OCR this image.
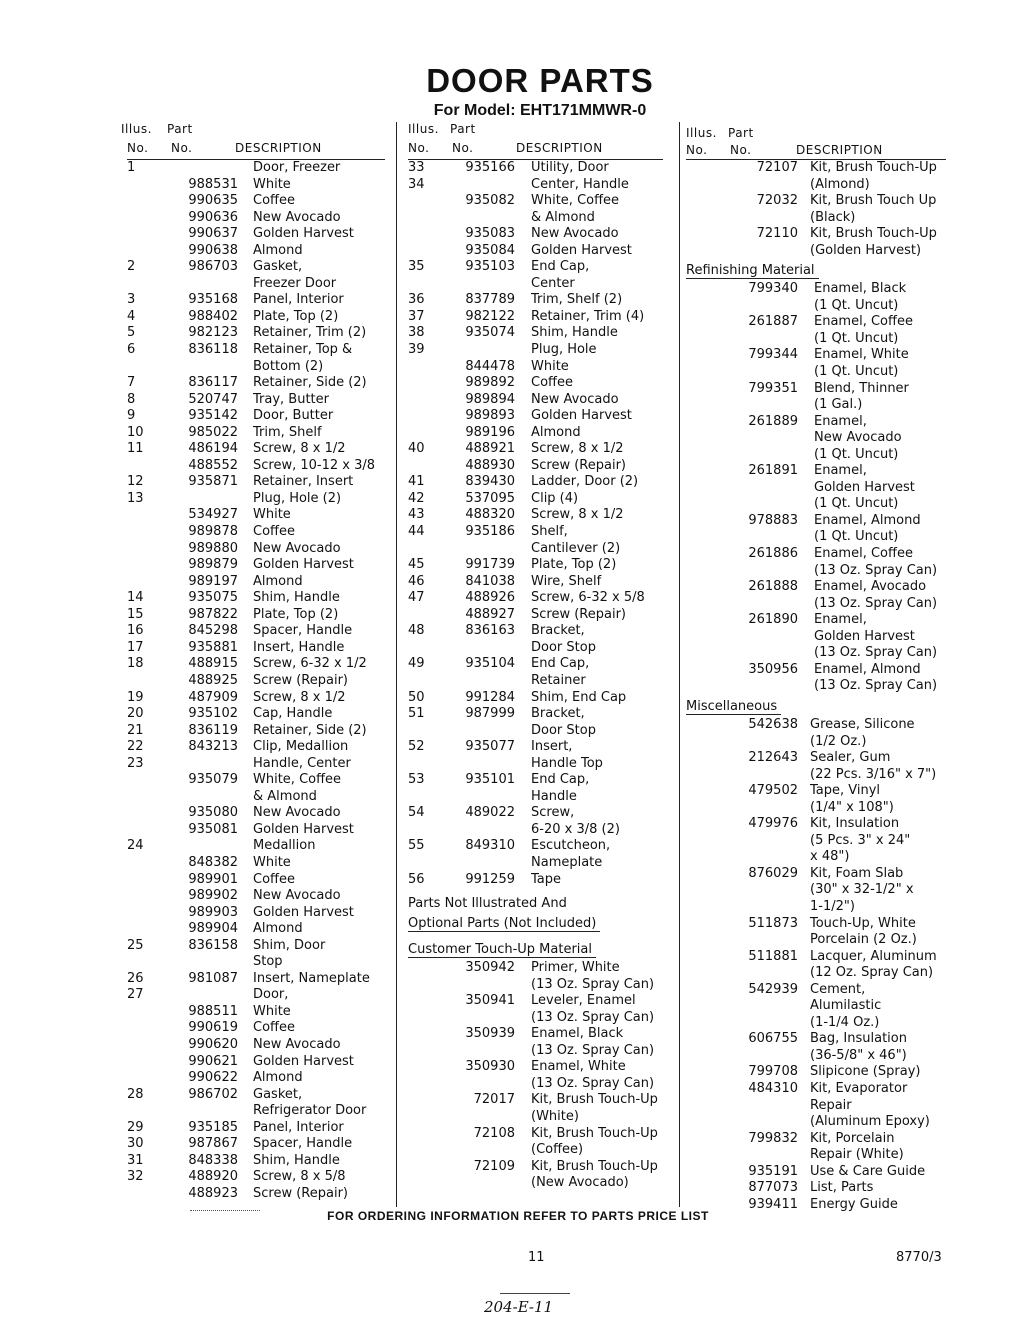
DOOR PARTS
For Model: EHT171MMWR-0
Illus. Part
No. No.	DESCRIPTION
1	Door, Freezer
988531 White
990635 Coffee
990636 New Avocado
990637 Golden Harvest
990638 Almond
2	986703 Gasket,
Freezer Door
3	935168 Panel, Interior
4	988402 Plate, Top (2)
5	982123 Retainer, Trim (2)
6	836118 Retainer, Top &
Bottom (2)
7	836117 Retainer, Side (2)
8	520747 Tray, Butter
9	935142 Door, Butter
10	985022 Trim, Shelf
11	486194 Screw, 8 x 1/2
488552 Screw, 10-12 x 3/8
12	935871 Retainer, Insert
13	Plug, Hole (2)
534927 White
989878 Coffee
989880 New Avocado
989879 Golden Harvest
989197 Almond
14	935075 Shim, Handle
15	987822 Plate, Top (2)
16	845298 Spacer, Handle
17	935881 Insert, Handle
18	488915 Screw, 6-32 x 1/2
488925 Screw (Repair)
19	487909 Screw, 8 x 1/2
20	935102 Cap, Handle
21	836119 Retainer, Side (2)
22	843213 Clip, Medallion
23	Handle, Center
935079 White, Coffee
& Almond
935080 New Avocado
935081 Golden Harvest
24	Medallion
848382 White
989901 Coffee
989902 New Avocado
989903 Golden Harvest
989904 Almond
25	836158 Shim, Door
Stop
26	981087 Insert, Nameplate
27	Door,
988511 White
990619 Coffee
990620 New Avocado
990621 Golden Harvest
990622 Almond
28	986702 Gasket,
Refrigerator Door
29	935185 Panel, Interior
30	987867 Spacer, Handle
31	848338 Shim, Handle
32	488920 Screw, 8 x 5/8
488923 Screw (Repair)
Illus. Part
No. No.	DESCRIPTION
33	935166 Utility, Door
34	Center, Handle
935082 White, Coffee
& Almond
935083 New Avocado
935084 Golden Harvest
35	935103 End Cap,
Center
36	837789 Trim, Shelf (2)
37	982122 Retainer, Trim (4)
38	935074 Shim, Handle
39	Plug, Hole
844478 White
989892 Coffee
989894 New Avocado
989893 Golden Harvest
989196 Almond
40	488921 Screw, 8 x 1/2
488930 Screw (Repair)
41	839430 Ladder, Door (2)
42	537095 Clip (4)
43	488320 Screw, 8 x 1/2
44	935186 Shelf,
Cantilever (2)
45	991739 Plate, Top (2)
46	841038 Wire, Shelf
47	488926 Screw, 6-32 x 5/8
488927 Screw (Repair)
48	836163 Bracket,
Door Stop
49	935104 End Cap,
Retainer
50	991284 Shim, End Cap
51	987999 Bracket,
Door Stop
52	935077 Insert,
Handle Top
53	935101 End Cap,
Handle
54	489022 Screw,
6-20 x 3/8 (2)
55	849310 Escutcheon,
Nameplate
56	991259 Tape
Parts Not Illustrated And
Optional Parts (Not Included)
Customer Touch-Up Material
350942 Primer, White
(13 Oz. Spray Can)
350941 Leveler, Enamel
(13 Oz. Spray Can)
350939 Enamel, Black
(13 Oz. Spray Can)
350930 Enamel, White
(13 Oz. Spray Can)
72017 Kit, Brush Touch-Up
(White)
72108 Kit, Brush Touch-Up
(Coffee)
72109 Kit, Brush Touch-Up
(New Avocado)
Illus. Part
No. No.	DESCRIPTION
72107 Kit, Brush Touch-Up
(Almond)
72032 Kit, Brush Touch Up
(Black)
72110 Kit, Brush Touch-Up
(Golden Harvest)
Refinishing Material
799340 Enamel, Black
(1 Qt. Uncut)
261887 Enamel, Coffee
(1 Qt. Uncut)
799344 Enamel, White
(1 Qt. Uncut)
799351 Blend, Thinner
(1 Gal.)
261889 Enamel,
New Avocado
(1 Qt. Uncut)
261891 Enamel,
Golden Harvest
(1 Qt. Uncut)
978883 Enamel, Almond
(1 Qt. Uncut)
261886 Enamel, Coffee
(13 Oz. Spray Can)
261888 Enamel, Avocado
(13 Oz. Spray Can)
261890 Enamel,
Golden Harvest
(13 Oz. Spray Can)
350956 Enamel, Almond
(13 Oz. Spray Can)
Miscellaneous
542638 Grease, Silicone
(1/2 Oz.)
212643 Sealer, Gum
(22 Pcs. 3/16" x 7")
479502 Tape, Vinyl
(1/4" x 108")
479976 Kit, Insulation
(5 Pcs. 3" x 24"
x 48")
876029 Kit, Foam Slab
(30" x 32-1/2" x
1-1/2")
511873 Touch-Up, White
Porcelain (2 Oz.)
511881 Lacquer, Aluminum
(12 Oz. Spray Can)
542939 Cement,
Alumilastic
(1-1/4 Oz.)
606755 Bag, Insulation
(36-5/8" x 46")
799708 Slipicone (Spray)
484310 Kit, Evaporator
Repair
(Aluminum Epoxy)
799832 Kit, Porcelain
Repair (White)
935191 Use & Care Guide
877073 List, Parts
939411 Energy Guide
FOR ORDERING INFORMATION REFER TO PARTS PRICE LIST
11	8770/3
204-E-11
